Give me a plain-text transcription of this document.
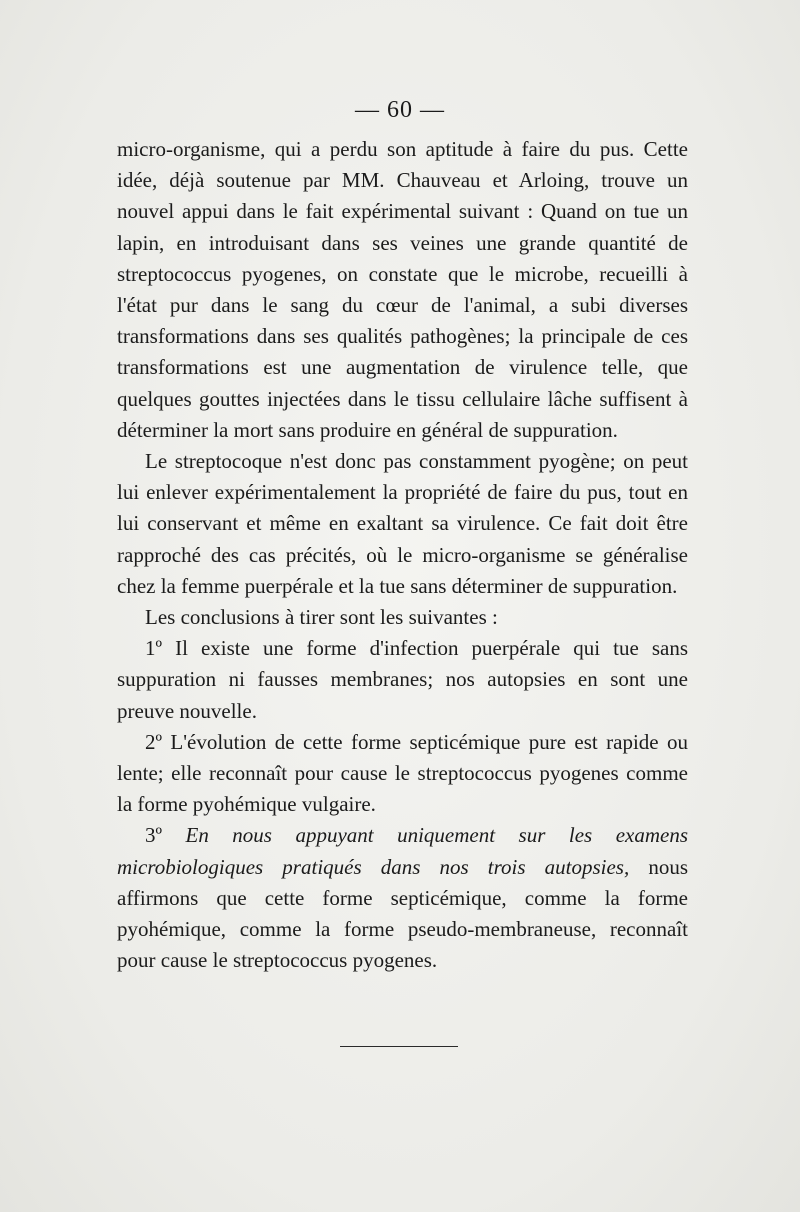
— 60 —

micro-organisme, qui a perdu son aptitude à faire du pus. Cette idée, déjà soutenue par MM. Chauveau et Arloing, trouve un nouvel appui dans le fait expérimental suivant : Quand on tue un lapin, en introduisant dans ses veines une grande quantité de streptococcus pyogenes, on constate que le microbe, recueilli à l'état pur dans le sang du cœur de l'animal, a subi diverses transformations dans ses qualités pathogènes; la principale de ces transformations est une augmentation de virulence telle, que quelques gouttes injectées dans le tissu cellulaire lâche suffisent à déterminer la mort sans produire en général de suppuration.

Le streptocoque n'est donc pas constamment pyogène; on peut lui enlever expérimentalement la propriété de faire du pus, tout en lui conservant et même en exaltant sa virulence. Ce fait doit être rapproché des cas précités, où le micro-organisme se généralise chez la femme puerpérale et la tue sans déterminer de suppuration.

Les conclusions à tirer sont les suivantes :

1º Il existe une forme d'infection puerpérale qui tue sans suppuration ni fausses membranes; nos autopsies en sont une preuve nouvelle.

2º L'évolution de cette forme septicémique pure est rapide ou lente; elle reconnaît pour cause le streptococcus pyogenes comme la forme pyohémique vulgaire.

3º En nous appuyant uniquement sur les examens microbiologiques pratiqués dans nos trois autopsies, nous affirmons que cette forme septicémique, comme la forme pyohémique, comme la forme pseudo-membraneuse, reconnaît pour cause le streptococcus pyogenes.
